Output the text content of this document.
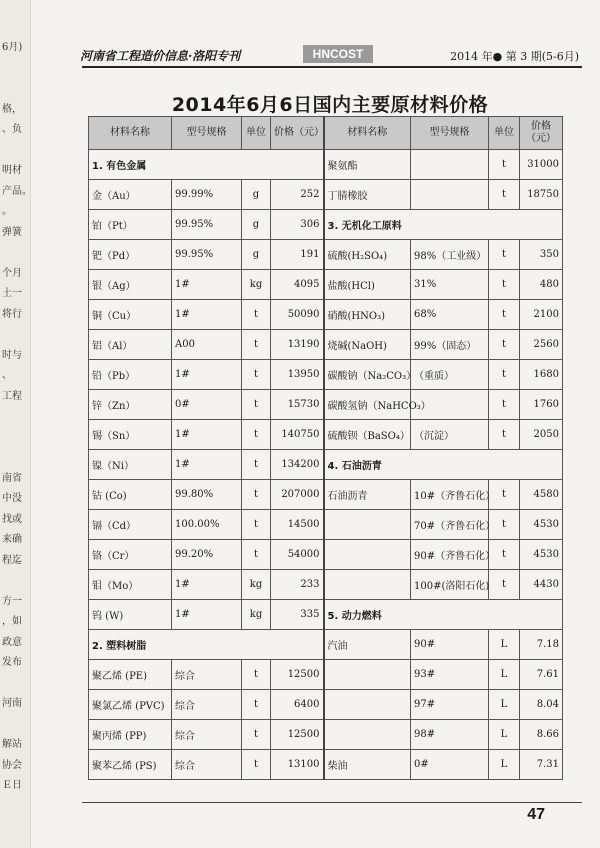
6月)
格，
、负
明材
产品。
。
弹簧
个月
土一
将行
时与
、
工程
南省
中没
找或
来确
程迄
方一
，如
政意
发布
河南
解站
协会
Ｅ日
河南省工程造价信息·洛阳专刊	HNCOST	2014 年● 第 3 期(5-6月)
2014年6月6日国内主要原材料价格
材料名称	型号规格	单位	价格（元）	材料名称	型号规格	单位	价格（元）
1. 有色金属				聚氨酯		t	31000
金（Au）	99.99%	g	252	丁腈橡胶		t	18750
铂（Pt）	99.95%	g	306	3. 无机化工原料			
钯（Pd）	99.95%	g	191	硫酸(H₂SO₄)	98%（工业级）	t	350
银（Ag）	1#	kg	4095	盐酸(HCl)	31%	t	480
铜（Cu）	1#	t	50090	硝酸(HNO₃)	68%	t	2100
铝（Al）	A00	t	13190	烧碱(NaOH)	99%（固态）	t	2560
铅（Pb）	1#	t	13950	碳酸钠（Na₂CO₃）	（重质）	t	1680
锌（Zn）	0#	t	15730	碳酸氢钠（NaHCO₃）		t	1760
锡（Sn）	1#	t	140750	硫酸钡（BaSO₄）	（沉淀）	t	2050
镍（Ni）	1#	t	134200	4. 石油沥青			
钴 (Co)	99.80%	t	207000	石油沥青	10#（齐鲁石化）	t	4580
镉（Cd）	100.00%	t	14500		70#（齐鲁石化）	t	4530
铬（Cr）	99.20%	t	54000		90#（齐鲁石化）	t	4530
钼（Mo）	1#	kg	233		100#(洛阳石化)	t	4430
钨 (W)	1#	kg	335	5. 动力燃料			
2. 塑料树脂				汽油	90#	L	7.18
聚乙烯 (PE)	综合	t	12500		93#	L	7.61
聚氯乙烯 (PVC)	综合	t	6400		97#	L	8.04
聚丙烯 (PP)	综合	t	12500		98#	L	8.66
聚苯乙烯 (PS)	综合	t	13100	柴油	0#	L	7.31
47
